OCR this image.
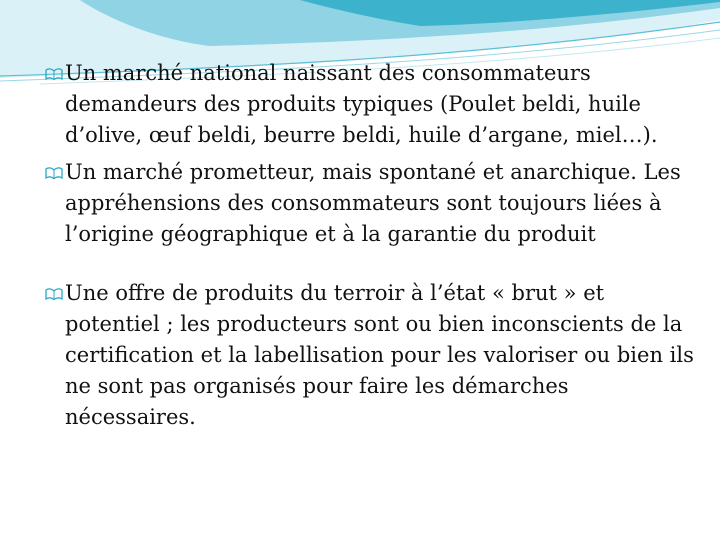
Un marché national naissant des consommateurs demandeurs des produits typiques (Poulet beldi, huile d’olive, œuf beldi, beurre beldi, huile d’argane, miel…).
Un marché prometteur, mais spontané et anarchique. Les appréhensions des consommateurs sont toujours liées à l’origine géographique et à la garantie du produit
Une offre de produits du terroir à l’état « brut » et potentiel ; les producteurs sont ou bien inconscients de la certification et la labellisation pour les valoriser ou bien ils ne sont pas organisés pour faire les démarches nécessaires.
